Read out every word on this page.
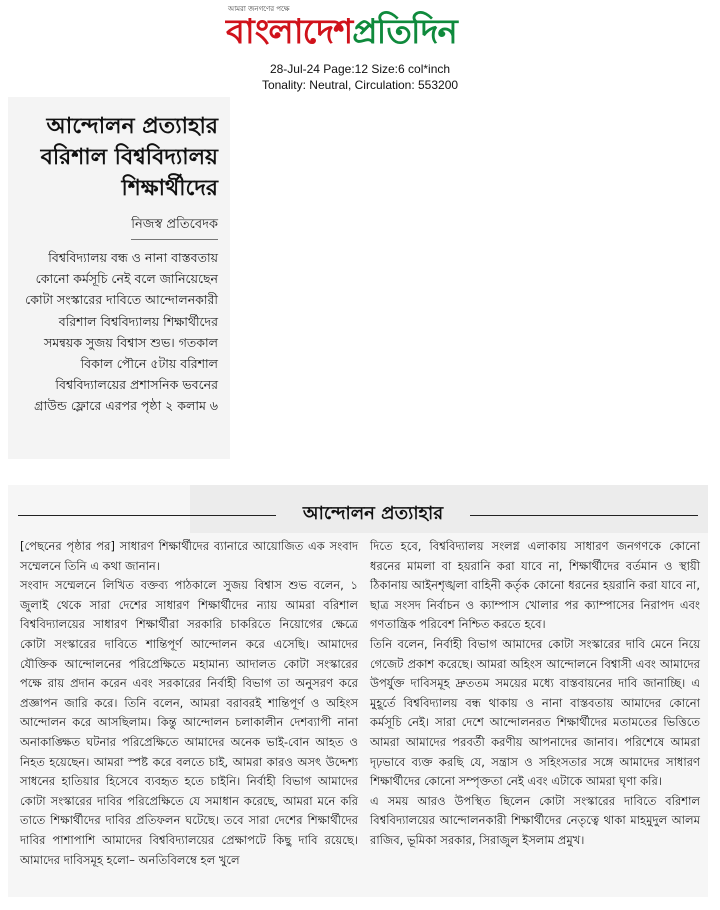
আমরা জনগণের পক্ষে
বাংলাদেশপ্রতিদিন
28-Jul-24 Page:12 Size:6 col*inch
Tonality: Neutral, Circulation: 553200
আন্দোলন প্রত্যাহার বরিশাল বিশ্ববিদ্যালয় শিক্ষার্থীদের
নিজস্ব প্রতিবেদক
বিশ্ববিদ্যালয় বন্ধ ও নানা বাস্তবতায় কোনো কর্মসূচি নেই বলে জানিয়েছেন কোটা সংস্কারের দাবিতে আন্দোলনকারী বরিশাল বিশ্ববিদ্যালয় শিক্ষার্থীদের সমন্বয়ক সুজয় বিশ্বাস শুভ। গতকাল বিকাল পৌনে ৫টায় বরিশাল বিশ্ববিদ্যালয়ের প্রশাসনিক ভবনের গ্রাউন্ড ফ্লোরে এরপর পৃষ্ঠা ২ কলাম ৬
আন্দোলন প্রত্যাহার

[পেছনের পৃষ্ঠার পর] সাধারণ শিক্ষার্থীদের ব্যানারে আয়োজিত এক সংবাদ সম্মেলনে তিনি এ কথা জানান।

সংবাদ সম্মেলনে লিখিত বক্তব্য পাঠকালে সুজয় বিশ্বাস শুভ বলেন, ১ জুলাই থেকে সারা দেশের সাধারণ শিক্ষার্থীদের ন্যায় আমরা বরিশাল বিশ্ববিদ্যালয়ের সাধারণ শিক্ষার্থীরা সরকারি চাকরিতে নিয়োগের ক্ষেত্রে কোটা সংস্কারের দাবিতে শান্তিপূর্ণ আন্দোলন করে এসেছি। আমাদের যৌক্তিক আন্দোলনের পরিপ্রেক্ষিতে মহামান্য আদালত কোটা সংস্কারের পক্ষে রায় প্রদান করেন এবং সরকারের নির্বাহী বিভাগ তা অনুসরণ করে প্রজ্ঞাপন জারি করে। তিনি বলেন, আমরা বরাবরই শান্তিপূর্ণ ও অহিংস আন্দোলন করে আসছিলাম। কিন্তু আন্দোলন চলাকালীন দেশব্যাপী নানা অনাকাঙ্ক্ষিত ঘটনার পরিপ্রেক্ষিতে আমাদের অনেক ভাই-বোন আহত ও নিহত হয়েছেন। আমরা স্পষ্ট করে বলতে চাই, আমরা কারও অসৎ উদ্দেশ্য সাধনের হাতিয়ার হিসেবে ব্যবহৃত হতে চাইনি। নির্বাহী বিভাগ আমাদের কোটা সংস্কারের দাবির পরিপ্রেক্ষিতে যে সমাধান করেছে, আমরা মনে করি তাতে শিক্ষার্থীদের দাবির প্রতিফলন ঘটেছে। তবে সারা দেশের শিক্ষার্থীদের দাবির পাশাপাশি আমাদের বিশ্ববিদ্যালয়ের প্রেক্ষাপটে কিছু দাবি রয়েছে। আমাদের দাবিসমূহ হলো– অনতিবিলম্বে হল খুলে

দিতে হবে, বিশ্ববিদ্যালয় সংলগ্ন এলাকায় সাধারণ জনগণকে কোনো ধরনের মামলা বা হয়রানি করা যাবে না, শিক্ষার্থীদের বর্তমান ও স্থায়ী ঠিকানায় আইনশৃঙ্খলা বাহিনী কর্তৃক কোনো ধরনের হয়রানি করা যাবে না, ছাত্র সংসদ নির্বাচন ও ক্যাম্পাস খোলার পর ক্যাম্পাসের নিরাপদ এবং গণতান্ত্রিক পরিবেশ নিশ্চিত করতে হবে।

তিনি বলেন, নির্বাহী বিভাগ আমাদের কোটা সংস্কারের দাবি মেনে নিয়ে গেজেট প্রকাশ করেছে। আমরা অহিংস আন্দোলনে বিশ্বাসী এবং আমাদের উপর্যুক্ত দাবিসমূহ দ্রুততম সময়ের মধ্যে বাস্তবায়নের দাবি জানাচ্ছি। এ মুহূর্তে বিশ্ববিদ্যালয় বন্ধ থাকায় ও নানা বাস্তবতায় আমাদের কোনো কর্মসূচি নেই। সারা দেশে আন্দোলনরত শিক্ষার্থীদের মতামতের ভিত্তিতে আমরা আমাদের পরবর্তী করণীয় আপনাদের জানাব। পরিশেষে আমরা দৃঢ়ভাবে ব্যক্ত করছি যে, সন্ত্রাস ও সহিংসতার সঙ্গে আমাদের সাধারণ শিক্ষার্থীদের কোনো সম্পৃক্ততা নেই এবং এটাকে আমরা ঘৃণা করি।

এ সময় আরও উপস্থিত ছিলেন কোটা সংস্কারের দাবিতে বরিশাল বিশ্ববিদ্যালয়ের আন্দোলনকারী শিক্ষার্থীদের নেতৃত্বে থাকা মাহমুদুল আলম রাজিব, ভূমিকা সরকার, সিরাজুল ইসলাম প্রমুখ।
